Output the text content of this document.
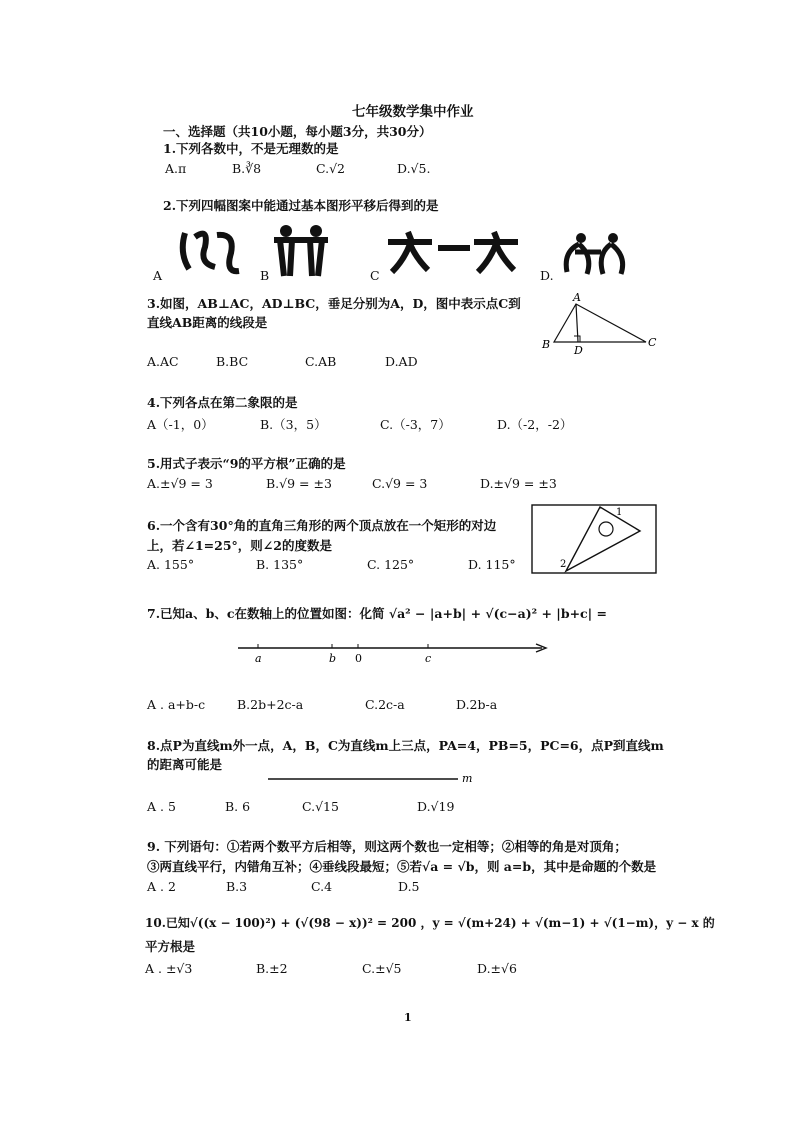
七年级数学集中作业
一、选择题（共10小题，每小题3分，共30分）
1.下列各数中，不是无理数的是
A.π	B.∛8	C.√2	D.√5.
2.下列四幅图案中能通过基本图形平移后得到的是
A	B	C	D.
3.如图，AB⊥AC，AD⊥BC，垂足分别为A，D，图中表示点C到
直线AB距离的线段是
A
B D
C
A.AC	B.BC	C.AB	D.AD
4.下列各点在第二象限的是
A（-1，0）	B.（3，5）	C.（-3，7）	D.（-2，-2）
5.用式子表示“9的平方根”正确的是
A.±√9 = 3	B.√9 = ±3	C.√9 = 3	D.±√9 = ±3
6.一个含有30°角的直角三角形的两个顶点放在一个矩形的对边
上，若∠1=25°，则∠2的度数是
1
2
A. 155°	B. 135°	C. 125°	D. 115°
7.已知a、b、c在数轴上的位置如图：化简 √a² − |a+b| + √(c−a)² + |b+c| =
a	b 0	c
A . a+b-c	B.2b+2c-a	C.2c-a	D.2b-a
8.点P为直线m外一点，A，B，C为直线m上三点，PA=4，PB=5，PC=6，点P到直线m
的距离可能是
m
A . 5	B. 6	C.√15	D.√19
9. 下列语句：①若两个数平方后相等，则这两个数也一定相等；②相等的角是对顶角；
③两直线平行，内错角互补；④垂线段最短；⑤若√a = √b，则 a=b，其中是命题的个数是
A . 2	B.3	C.4	D.5
10.已知√((x − 100)²) + (√(98 − x))² = 200 ，y = √(m+24) + √(m−1) + √(1−m)，y − x 的
平方根是
A . ±√3	B.±2	C.±√5	D.±√6
1
